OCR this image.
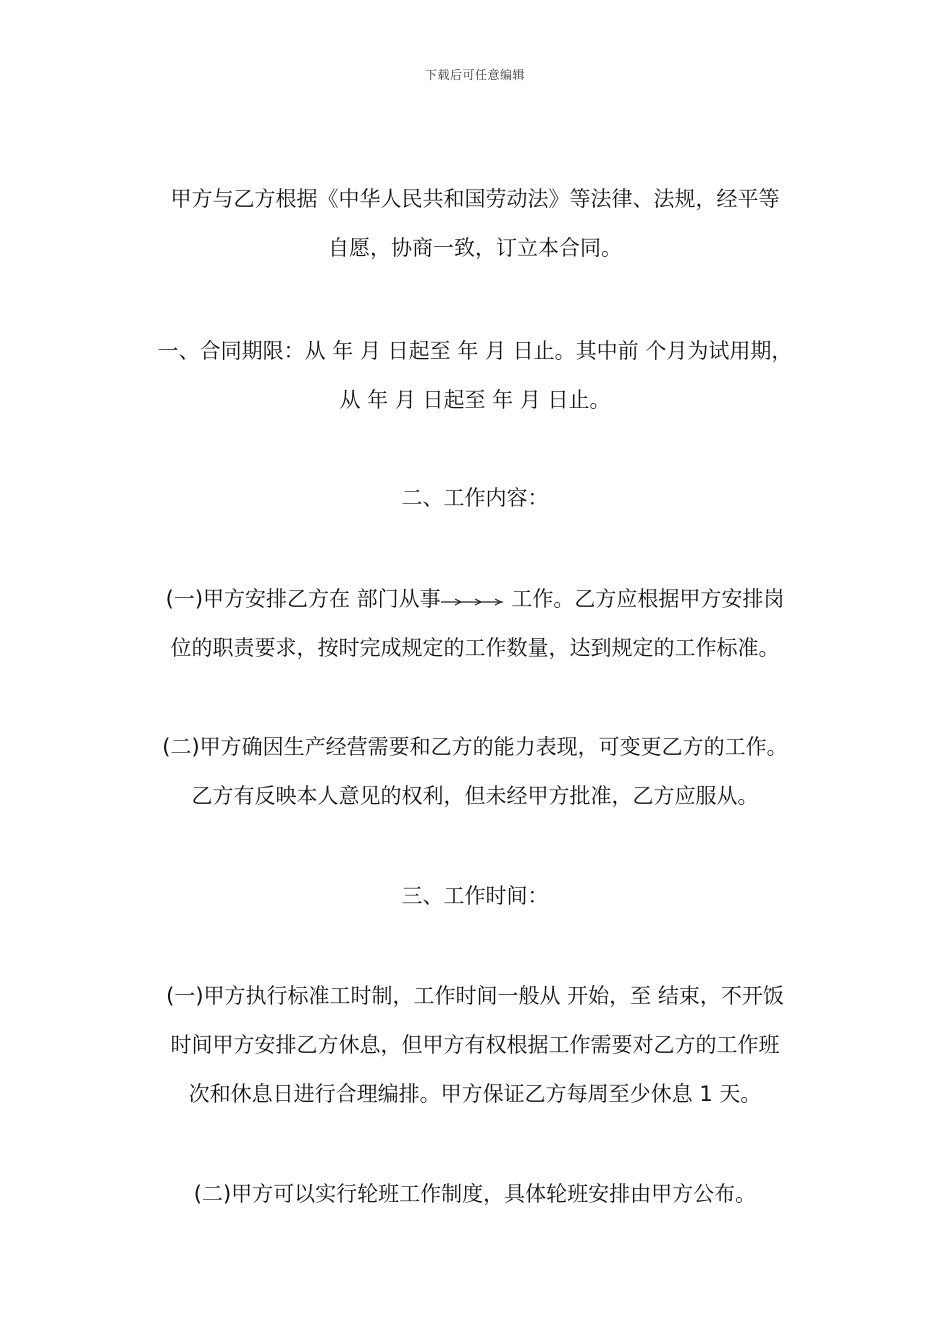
下载后可任意编辑
甲方与乙方根据《中华人民共和国劳动法》等法律、法规，经平等
自愿，协商一致，订立本合同。
一、合同期限：从 年 月 日起至 年 月 日止。其中前 个月为试用期，
从 年 月 日起至 年 月 日止。
二、工作内容：
(一)甲方安排乙方在 部门从事	工作。乙方应根据甲方安排岗
位的职责要求，按时完成规定的工作数量，达到规定的工作标准。
(二)甲方确因生产经营需要和乙方的能力表现，可变更乙方的工作。
乙方有反映本人意见的权利，但未经甲方批准，乙方应服从。
三、工作时间：
(一)甲方执行标准工时制，工作时间一般从 开始，至 结束，不开饭
时间甲方安排乙方休息，但甲方有权根据工作需要对乙方的工作班
次和休息日进行合理编排。甲方保证乙方每周至少休息 1 天。
(二)甲方可以实行轮班工作制度，具体轮班安排由甲方公布。
